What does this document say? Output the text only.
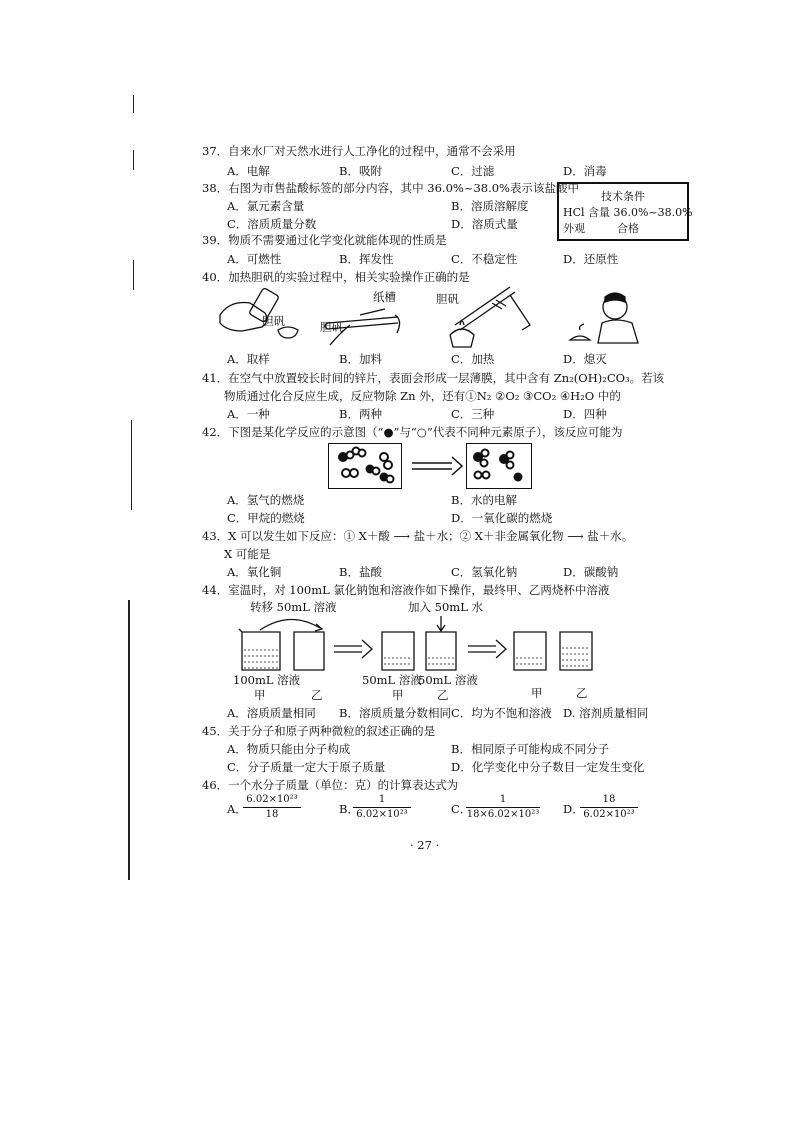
37．自来水厂对天然水进行人工净化的过程中，通常不会采用
A．电解	B．吸附	C．过滤	D．消毒
38．右图为市售盐酸标签的部分内容，其中 36.0%~38.0%表示该盐酸中
A．氯元素含量	B．溶质溶解度
C．溶质质量分数	D．溶质式量
技术条件
HCl 含量 36.0%~38.0%
外观	合格
39．物质不需要通过化学变化就能体现的性质是
A．可燃性	B．挥发性	C．不稳定性	D．还原性
40．加热胆矾的实验过程中，相关实验操作正确的是
胆矾
纸槽
胆矾
胆矾
A．取样	B．加料	C．加热	D．熄灭
41．在空气中放置较长时间的锌片，表面会形成一层薄膜，其中含有 Zn₂(OH)₂CO₃。若该
物质通过化合反应生成，反应物除 Zn 外，还有①N₂ ②O₂ ③CO₂ ④H₂O 中的
A．一种	B．两种	C．三种	D．四种
42．下图是某化学反应的示意图（“●”与“○”代表不同种元素原子），该反应可能为
A．氢气的燃烧	B．水的电解
C．甲烷的燃烧	D．一氧化碳的燃烧
43．X 可以发生如下反应：① X＋酸 ⟶ 盐＋水；② X＋非金属氧化物 ⟶ 盐＋水。
X 可能是
A．氧化铜	B．盐酸	C．氢氧化钠	D．碳酸钠
44．室温时，对 100mL 氯化钠饱和溶液作如下操作，最终甲、乙两烧杯中溶液
转移 50mL 溶液	加入 50mL 水
100mL 溶液	50mL 溶液
50mL 溶液
甲	乙	甲	乙	甲	乙
A．溶质质量相同 B．溶质质量分数相同 C．均为不饱和溶液 D. 溶剂质量相同
45．关于分子和原子两种微粒的叙述正确的是
A．物质只能由分子构成	B．相同原子可能构成不同分子
C．分子质量一定大于原子质量	D．化学变化中分子数目一定发生变化
46．一个水分子质量（单位：克）的计算表达式为
A．
6.02×10²³
18	B．
1
6.02×10²³	C．
1
18×6.02×10²³ D．
18
6.02×10²³
· 27 ·
